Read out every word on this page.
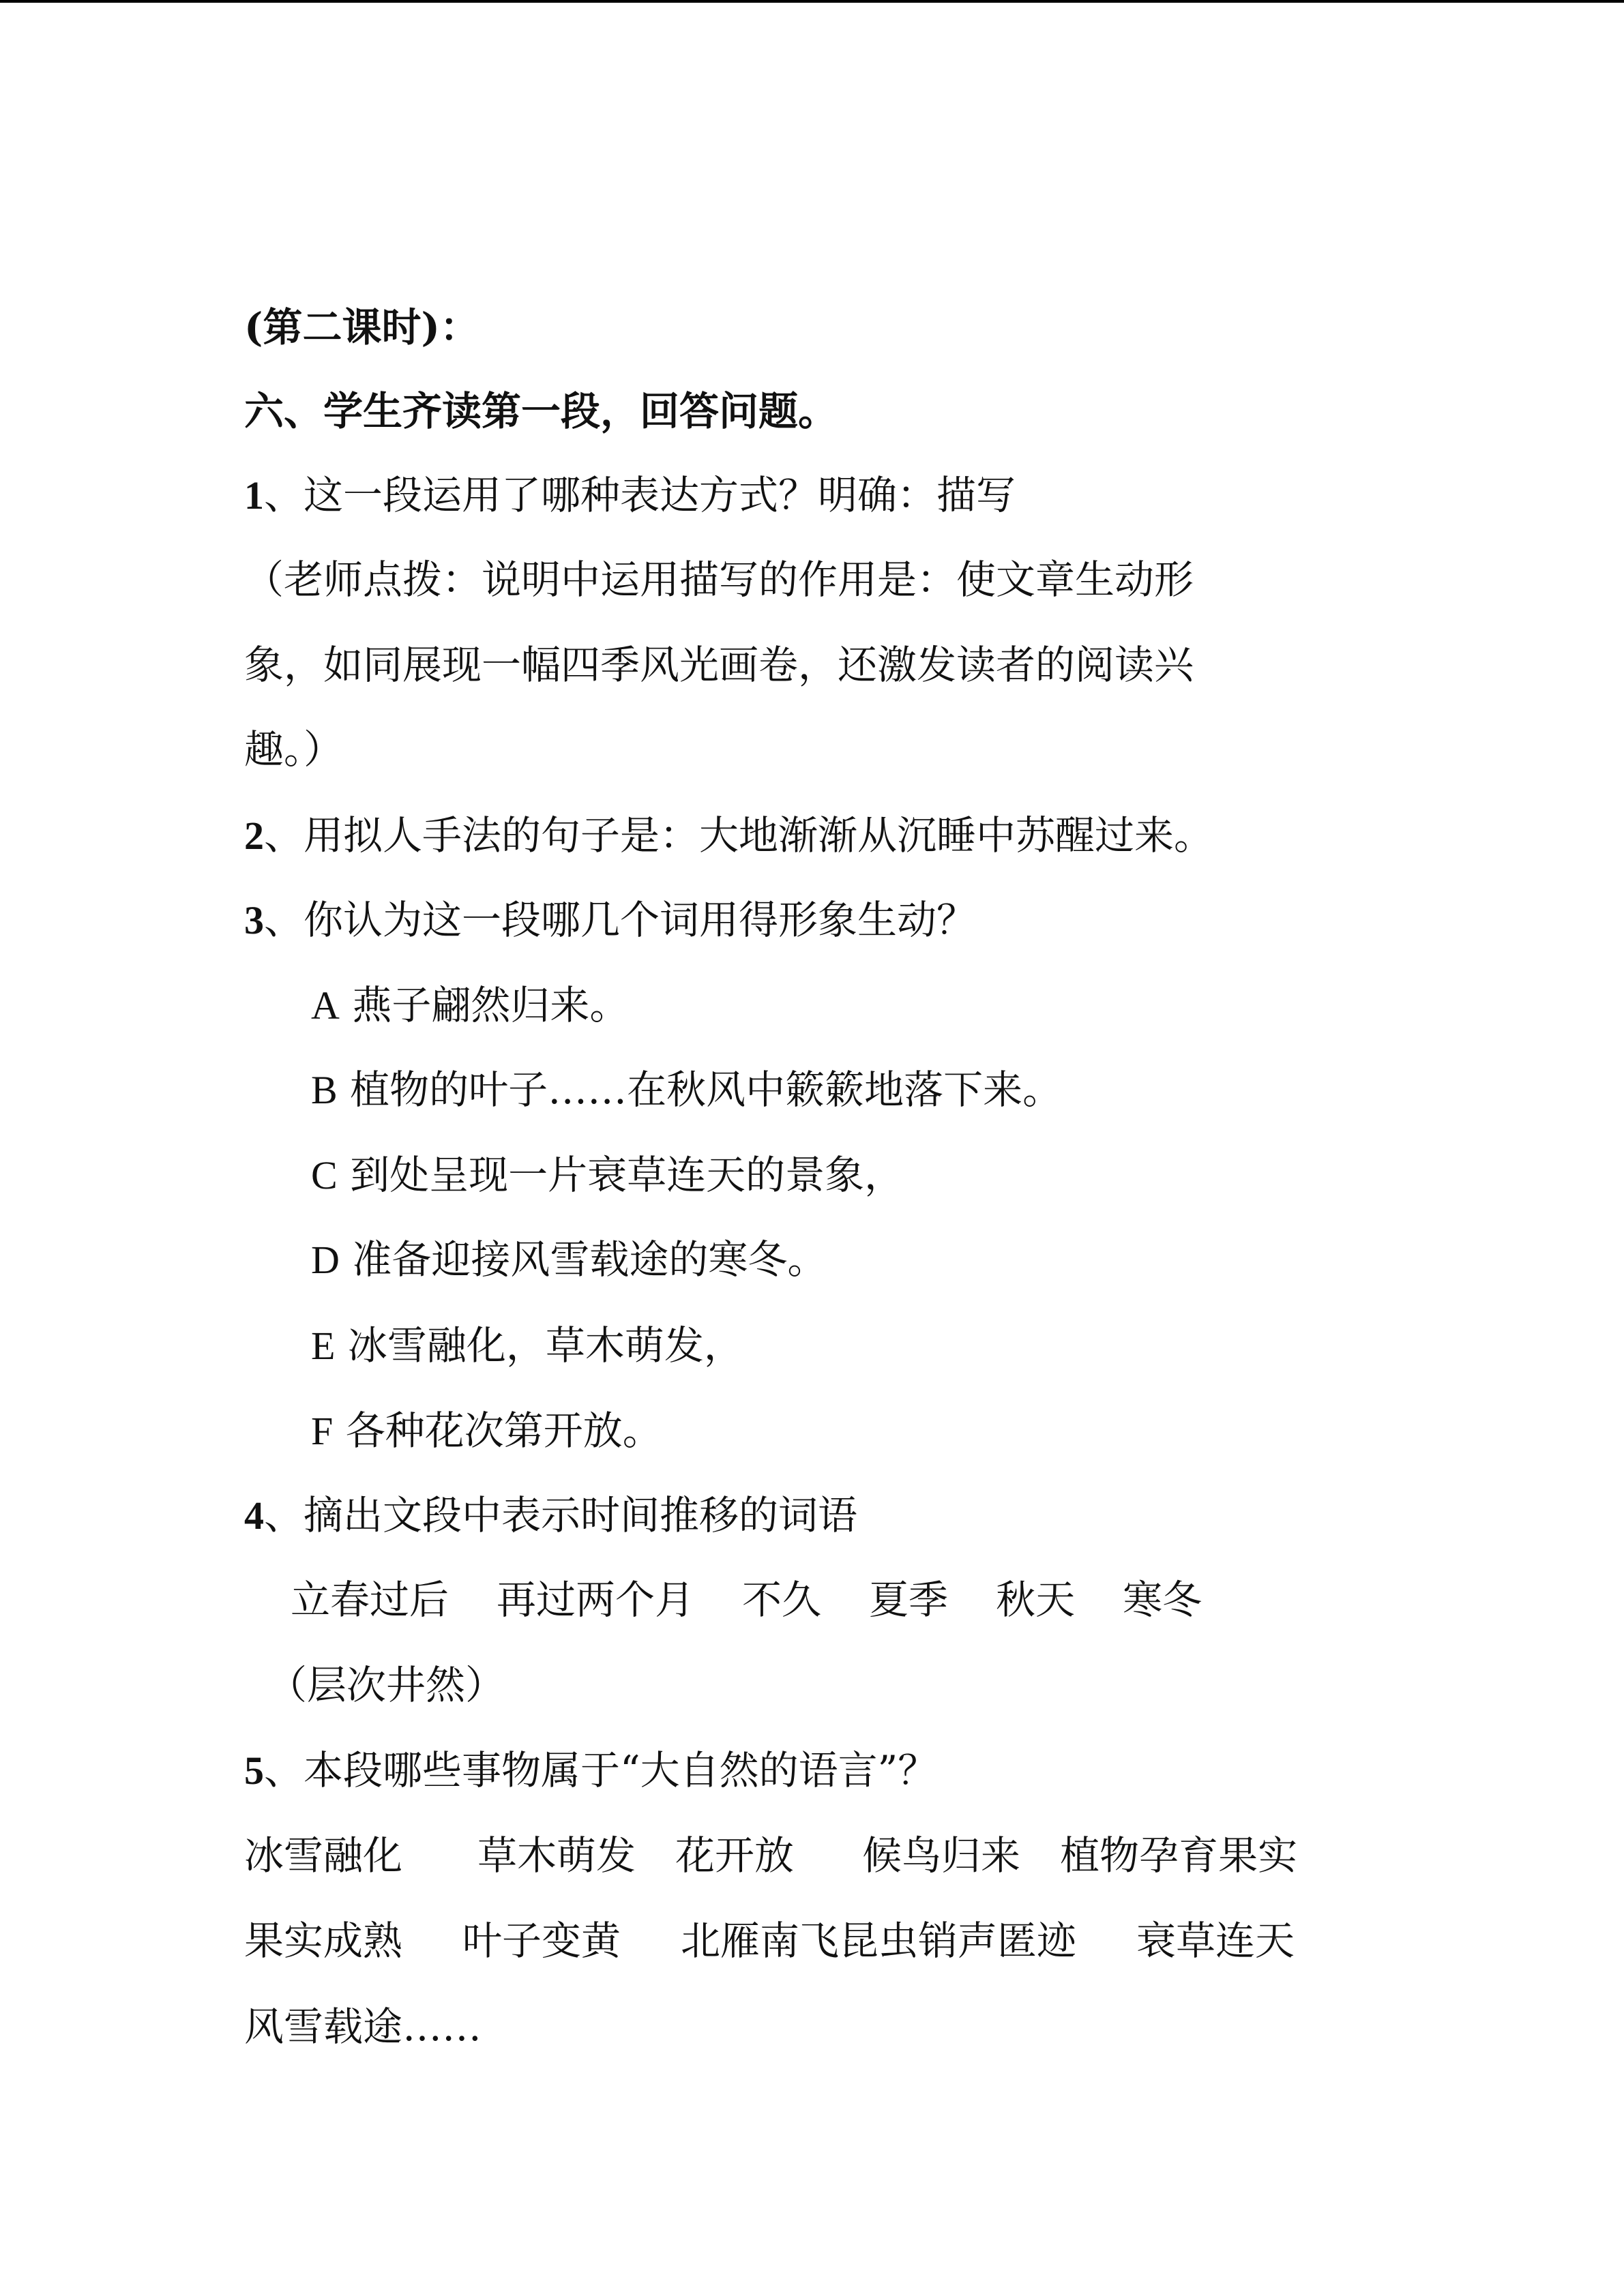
(第二课时)：
六、学生齐读第一段，回答问题。
1、这一段运用了哪种表达方式？明确：描写
（老师点拨：说明中运用描写的作用是：使文章生动形
象，如同展现一幅四季风光画卷，还激发读者的阅读兴
趣。）
2、用拟人手法的句子是：大地渐渐从沉睡中苏醒过来。
3、你认为这一段哪几个词用得形象生动？
A 燕子翩然归来。
B 植物的叶子……在秋风中簌簌地落下来。
C 到处呈现一片衰草连天的景象，
D 准备迎接风雪载途的寒冬。
E 冰雪融化，草木萌发，
F 各种花次第开放。
4、摘出文段中表示时间推移的词语
立春过后 再过两个月 不久 夏季 秋天 寒冬
（层次井然）
5、本段哪些事物属于“大自然的语言”？
冰雪融化 草木萌发 花开放 候鸟归来 植物孕育果实
果实成熟 叶子变黄 北雁南飞昆虫销声匿迹 衰草连天
风雪载途……
